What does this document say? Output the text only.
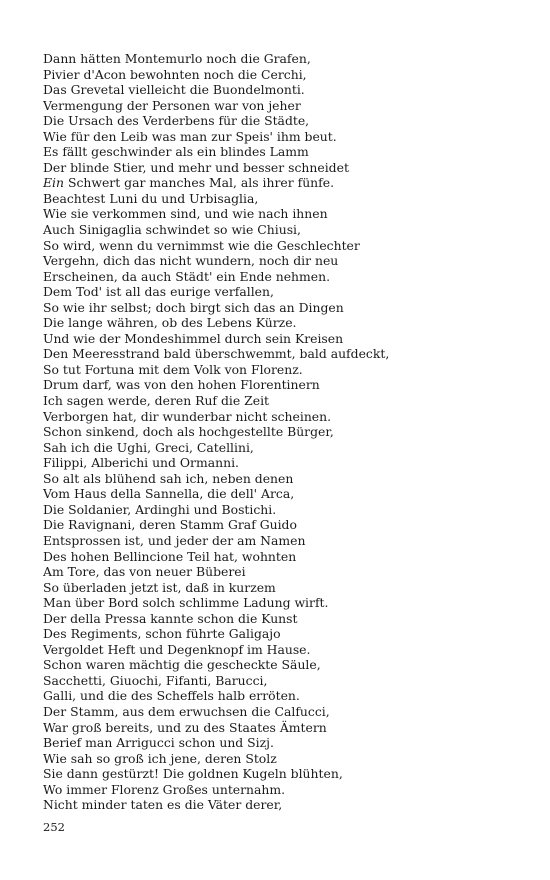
Dann hätten Montemurlo noch die Grafen,
Pivier d'Acon bewohnten noch die Cerchi,
Das Grevetal vielleicht die Buondelmonti.
Vermengung der Personen war von jeher
Die Ursach des Verderbens für die Städte,
Wie für den Leib was man zur Speis' ihm beut.
Es fällt geschwinder als ein blindes Lamm
Der blinde Stier, und mehr und besser schneidet
Ein Schwert gar manches Mal, als ihrer fünfe.
Beachtest Luni du und Urbisaglia,
Wie sie verkommen sind, und wie nach ihnen
Auch Sinigaglia schwindet so wie Chiusi,
So wird, wenn du vernimmst wie die Geschlechter
Vergehn, dich das nicht wundern, noch dir neu
Erscheinen, da auch Städt' ein Ende nehmen.
Dem Tod' ist all das eurige verfallen,
So wie ihr selbst; doch birgt sich das an Dingen
Die lange währen, ob des Lebens Kürze.
Und wie der Mondeshimmel durch sein Kreisen
Den Meeresstrand bald überschwemmt, bald aufdeckt,
So tut Fortuna mit dem Volk von Florenz.
Drum darf, was von den hohen Florentinern
Ich sagen werde, deren Ruf die Zeit
Verborgen hat, dir wunderbar nicht scheinen.
Schon sinkend, doch als hochgestellte Bürger,
Sah ich die Ughi, Greci, Catellini,
Filippi, Alberichi und Ormanni.
So alt als blühend sah ich, neben denen
Vom Haus della Sannella, die dell' Arca,
Die Soldanier, Ardinghi und Bostichi.
Die Ravignani, deren Stamm Graf Guido
Entsprossen ist, und jeder der am Namen
Des hohen Bellincione Teil hat, wohnten
Am Tore, das von neuer Büberei
So überladen jetzt ist, daß in kurzem
Man über Bord solch schlimme Ladung wirft.
Der della Pressa kannte schon die Kunst
Des Regiments, schon führte Galigajo
Vergoldet Heft und Degenknopf im Hause.
Schon waren mächtig die gescheckte Säule,
Sacchetti, Giuochi, Fifanti, Barucci,
Galli, und die des Scheffels halb erröten.
Der Stamm, aus dem erwuchsen die Calfucci,
War groß bereits, und zu des Staates Ämtern
Berief man Arrigucci schon und Sizj.
Wie sah so groß ich jene, deren Stolz
Sie dann gestürzt! Die goldnen Kugeln blühten,
Wo immer Florenz Großes unternahm.
Nicht minder taten es die Väter derer,
252
